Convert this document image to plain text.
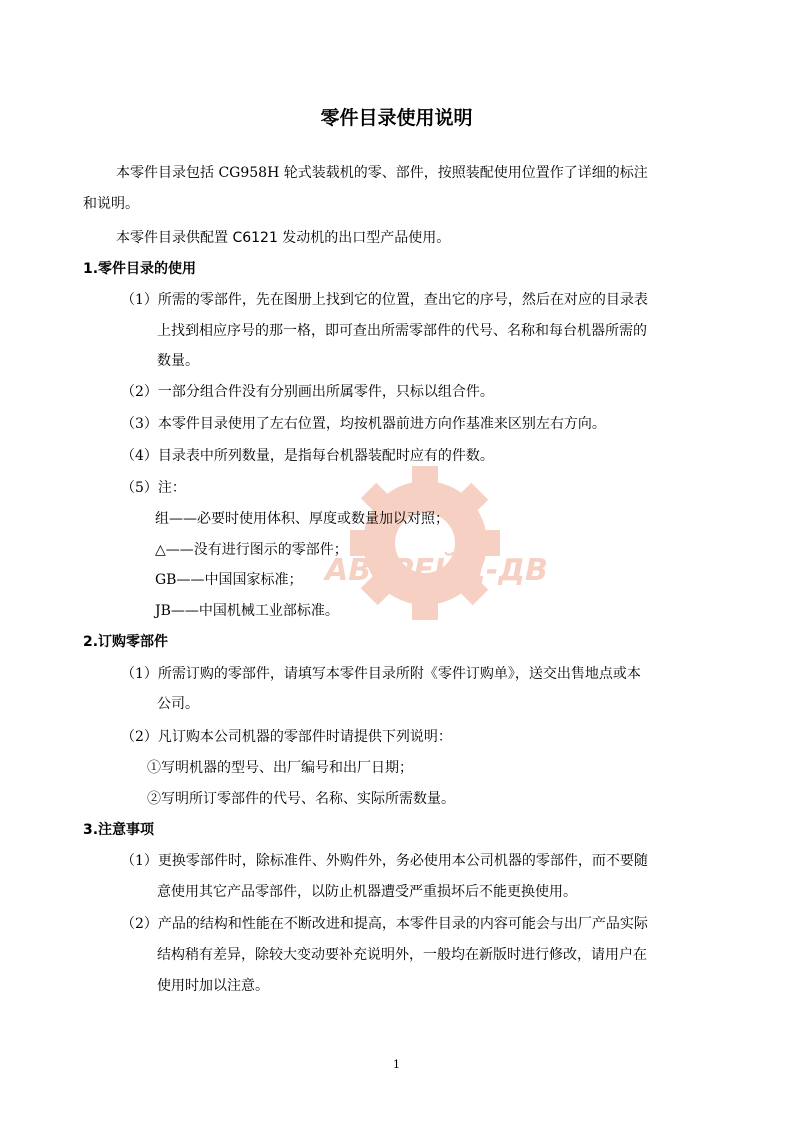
АВТРЕЙД-ДВ
零件目录使用说明
本零件目录包括 CG958H 轮式装载机的零、部件，按照装配使用位置作了详细的标注
和说明。
本零件目录供配置 C6121 发动机的出口型产品使用。
1.零件目录的使用
（1）所需的零部件，先在图册上找到它的位置，查出它的序号，然后在对应的目录表
上找到相应序号的那一格，即可查出所需零部件的代号、名称和每台机器所需的
数量。
（2）一部分组合件没有分别画出所属零件，只标以组合件。
（3）本零件目录使用了左右位置，均按机器前进方向作基准来区别左右方向。
（4）目录表中所列数量，是指每台机器装配时应有的件数。
（5）注：
组——必要时使用体积、厚度或数量加以对照；
△——没有进行图示的零部件；
GB——中国国家标准；
JB——中国机械工业部标准。
2.订购零部件
（1）所需订购的零部件，请填写本零件目录所附《零件订购单》，送交出售地点或本
公司。
（2）凡订购本公司机器的零部件时请提供下列说明：
①写明机器的型号、出厂编号和出厂日期；
②写明所订零部件的代号、名称、实际所需数量。
3.注意事项
（1）更换零部件时，除标准件、外购件外，务必使用本公司机器的零部件，而不要随
意使用其它产品零部件，以防止机器遭受严重损坏后不能更换使用。
（2）产品的结构和性能在不断改进和提高，本零件目录的内容可能会与出厂产品实际
结构稍有差异，除较大变动要补充说明外，一般均在新版时进行修改，请用户在
使用时加以注意。
1
